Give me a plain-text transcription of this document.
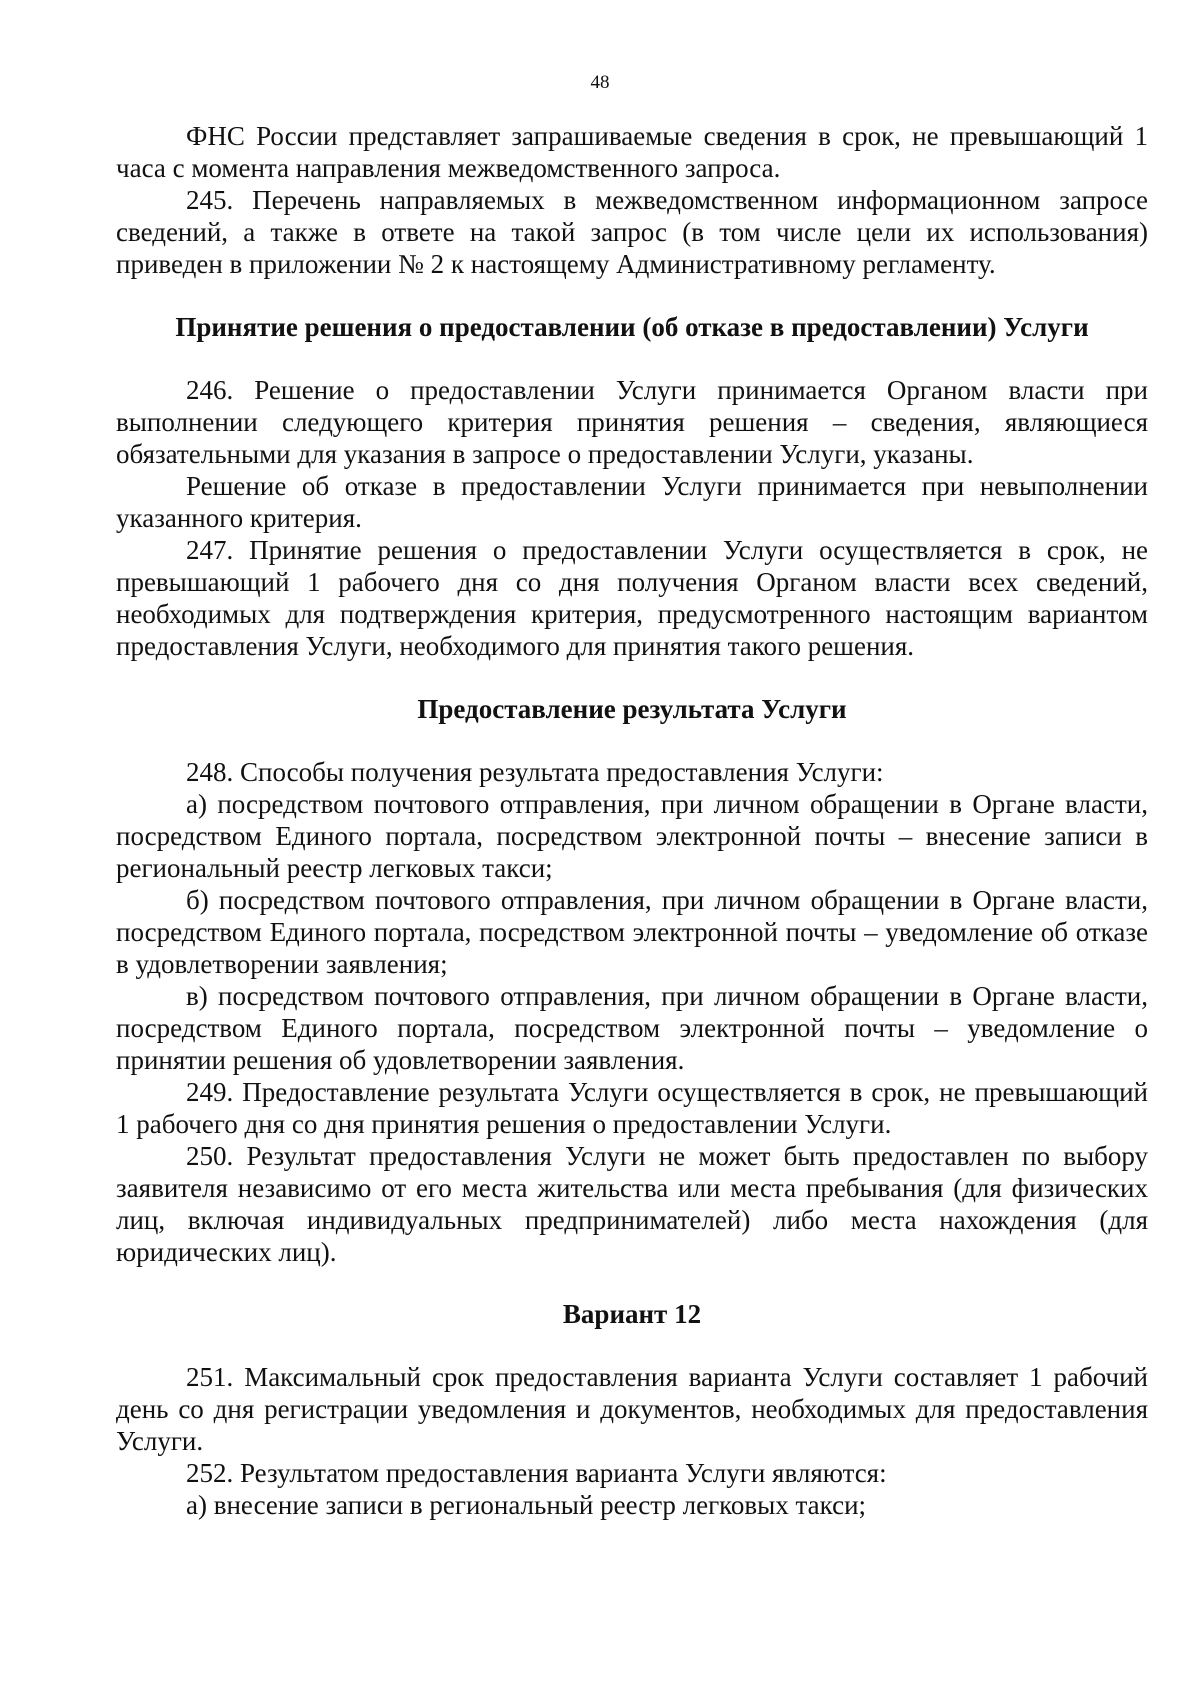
48

ФНС России представляет запрашиваемые сведения в срок, не превышающий 1 часа с момента направления межведомственного запроса.

245. Перечень направляемых в межведомственном информационном запросе сведений, а также в ответе на такой запрос (в том числе цели их использования) приведен в приложении № 2 к настоящему Административному регламенту.

Принятие решения о предоставлении (об отказе в предоставлении) Услуги

246. Решение о предоставлении Услуги принимается Органом власти при выполнении следующего критерия принятия решения – сведения, являющиеся обязательными для указания в запросе о предоставлении Услуги, указаны.

Решение об отказе в предоставлении Услуги принимается при невыполнении указанного критерия.

247. Принятие решения о предоставлении Услуги осуществляется в срок, не превышающий 1 рабочего дня со дня получения Органом власти всех сведений, необходимых для подтверждения критерия, предусмотренного настоящим вариантом предоставления Услуги, необходимого для принятия такого решения.

Предоставление результата Услуги

248. Способы получения результата предоставления Услуги:

а) посредством почтового отправления, при личном обращении в Органе власти, посредством Единого портала, посредством электронной почты – внесение записи в региональный реестр легковых такси;

б) посредством почтового отправления, при личном обращении в Органе власти, посредством Единого портала, посредством электронной почты – уведомление об отказе в удовлетворении заявления;

в) посредством почтового отправления, при личном обращении в Органе власти, посредством Единого портала, посредством электронной почты – уведомление о принятии решения об удовлетворении заявления.

249. Предоставление результата Услуги осуществляется в срок, не превышающий 1 рабочего дня со дня принятия решения о предоставлении Услуги.

250. Результат предоставления Услуги не может быть предоставлен по выбору заявителя независимо от его места жительства или места пребывания (для физических лиц, включая индивидуальных предпринимателей) либо места нахождения (для юридических лиц).

Вариант 12

251. Максимальный срок предоставления варианта Услуги составляет 1 рабочий день со дня регистрации уведомления и документов, необходимых для предоставления Услуги.

252. Результатом предоставления варианта Услуги являются:

а) внесение записи в региональный реестр легковых такси;
